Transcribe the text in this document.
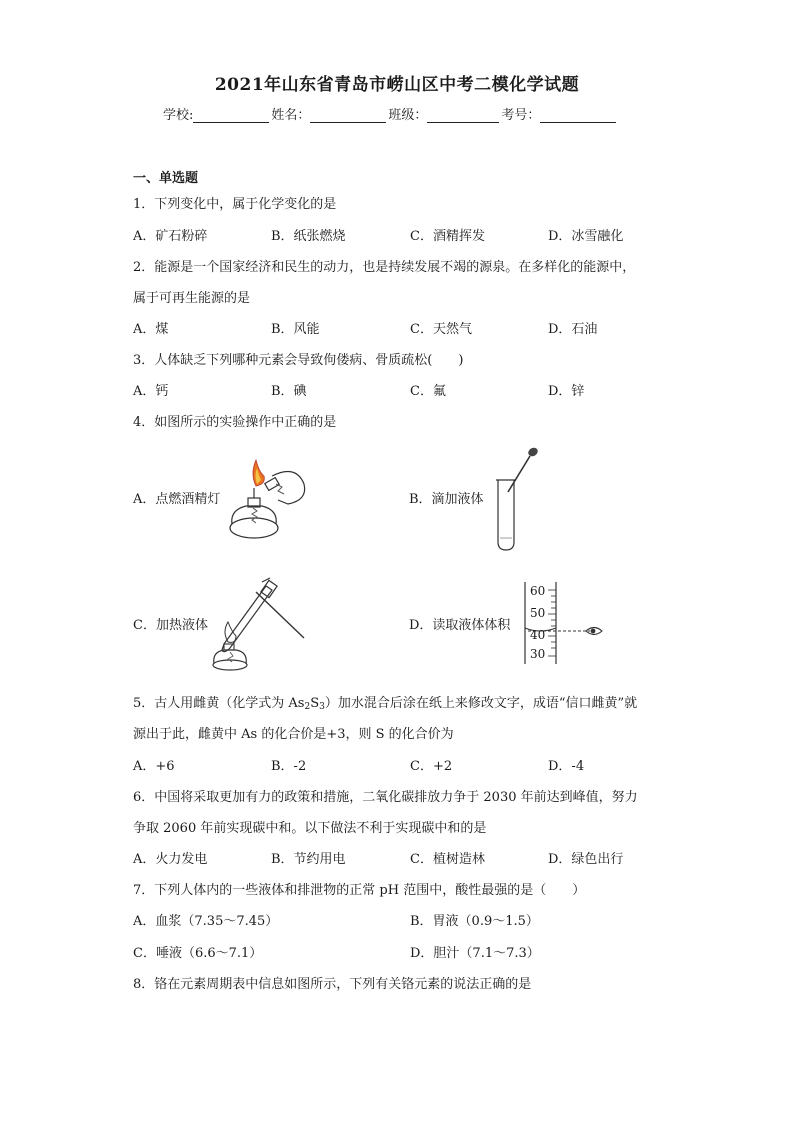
2021年山东省青岛市崂山区中考二模化学试题
学校:	姓名：	班级：	考号：
一、单选题
1．下列变化中，属于化学变化的是
A．矿石粉碎	B．纸张燃烧	C．酒精挥发	D．冰雪融化
2．能源是一个国家经济和民生的动力，也是持续发展不竭的源泉。在多样化的能源中，
属于可再生能源的是
A．煤	B．风能	C．天然气	D．石油
3．人体缺乏下列哪种元素会导致佝偻病、骨质疏松(　　)
A．钙	B．碘	C．氟	D．锌
4．如图所示的实验操作中正确的是
A．点燃酒精灯	B．滴加液体
C．加热液体	D．读取液体体积
60
50
40
30
5．古人用雌黄（化学式为 $As_2S_3$）加水混合后涂在纸上来修改文字，成语“信口雌黄”就
源出于此，雌黄中 As 的化合价是+3，则 S 的化合价为
A．+6	B．-2	C．+2	D．-4
6．中国将采取更加有力的政策和措施，二氧化碳排放力争于 2030 年前达到峰值，努力
争取 2060 年前实现碳中和。以下做法不利于实现碳中和的是
A．火力发电	B．节约用电	C．植树造林	D．绿色出行
7．下列人体内的一些液体和排泄物的正常 pH 范围中，酸性最强的是（　　）
A．血浆（7.35～7.45）	B．胃液（0.9～1.5）
C．唾液（6.6～7.1）	D．胆汁（7.1～7.3）
8．铬在元素周期表中信息如图所示，下列有关铬元素的说法正确的是
